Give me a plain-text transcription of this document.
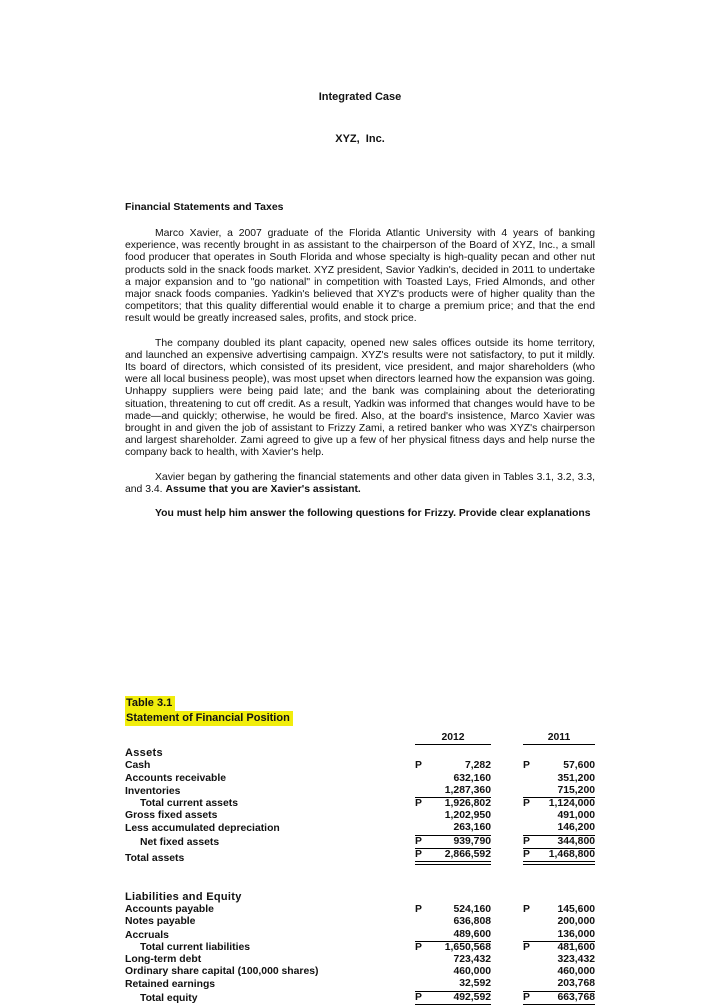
Integrated Case

XYZ,  Inc.

Financial Statements and Taxes

Marco Xavier, a 2007 graduate of the Florida Atlantic University with 4 years of banking experience, was recently brought in as assistant to the chairperson of the Board of XYZ, Inc., a small food producer that operates in South Florida and whose specialty is high-quality pecan and other nut products sold in the snack foods market. XYZ president, Savior Yadkin's, decided in 2011 to undertake a major expansion and to "go national" in competition with Toasted Lays, Fried Almonds, and other major snack foods companies. Yadkin's believed that XYZ's products were of higher quality than the competitors; that this quality differential would enable it to charge a premium price; and that the end result would be greatly increased sales, profits, and stock price.

The company doubled its plant capacity, opened new sales offices outside its home territory, and launched an expensive advertising campaign. XYZ's results were not satisfactory, to put it mildly. Its board of directors, which consisted of its president, vice president, and major shareholders (who were all local business people), was most upset when directors learned how the expansion was going. Unhappy suppliers were being paid late; and the bank was complaining about the deteriorating situation, threatening to cut off credit. As a result, Yadkin was informed that changes would have to be made—and quickly; otherwise, he would be fired. Also, at the board's insistence, Marco Xavier was brought in and given the job of assistant to Frizzy Zami, a retired banker who was XYZ's chairperson and largest shareholder. Zami agreed to give up a few of her physical fitness days and help nurse the company back to health, with Xavier's help.

Xavier began by gathering the financial statements and other data given in Tables 3.1, 3.2, 3.3, and 3.4. Assume that you are Xavier's assistant.

You must help him answer the following questions for Frizzy. Provide clear explanations

Table 3.1
Statement of Financial Position
2012	2011
Assets
Cash	P	7,282	P	57,600
Accounts receivable	632,160	351,200
Inventories	1,287,360	715,200
Total current assets	P 1,926,802	P 1,124,000
Gross fixed assets	1,202,950	491,000
Less accumulated depreciation	263,160	146,200
Net fixed assets	P	939,790	P	344,800
Total assets	P 2,866,592	P 1,468,800
Liabilities and Equity
Accounts payable	P	524,160	P	145,600
Notes payable	636,808	200,000
Accruals	489,600	136,000
Total current liabilities	P 1,650,568	P	481,600
Long-term debt	723,432	323,432
Ordinary share capital (100,000 shares)	460,000	460,000
Retained earnings	32,592	203,768
Total equity	P	492,592	P	663,768
